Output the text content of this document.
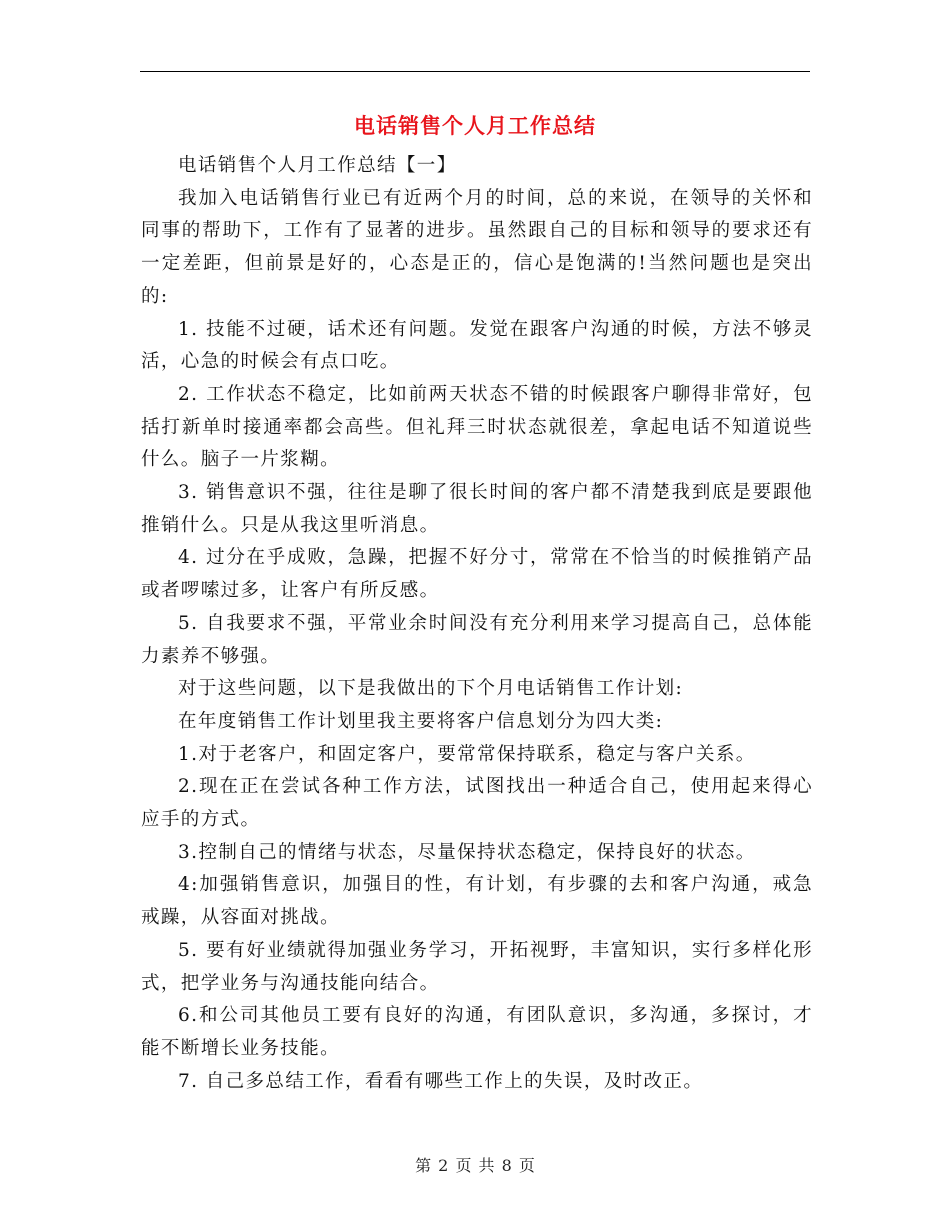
电话销售个人月工作总结

电话销售个人月工作总结【一】

我加入电话销售行业已有近两个月的时间，总的来说，在领导的关怀和同事的帮助下，工作有了显著的进步。虽然跟自己的目标和领导的要求还有一定差距，但前景是好的，心态是正的，信心是饱满的!当然问题也是突出的:

1. 技能不过硬，话术还有问题。发觉在跟客户沟通的时候，方法不够灵活，心急的时候会有点口吃。

2. 工作状态不稳定，比如前两天状态不错的时候跟客户聊得非常好，包括打新单时接通率都会高些。但礼拜三时状态就很差，拿起电话不知道说些什么。脑子一片浆糊。

3. 销售意识不强，往往是聊了很长时间的客户都不清楚我到底是要跟他推销什么。只是从我这里听消息。

4. 过分在乎成败，急躁，把握不好分寸，常常在不恰当的时候推销产品或者啰嗦过多，让客户有所反感。

5. 自我要求不强，平常业余时间没有充分利用来学习提高自己，总体能力素养不够强。

对于这些问题，以下是我做出的下个月电话销售工作计划:

在年度销售工作计划里我主要将客户信息划分为四大类:

1.对于老客户，和固定客户，要常常保持联系，稳定与客户关系。

2.现在正在尝试各种工作方法，试图找出一种适合自己，使用起来得心应手的方式。

3.控制自己的情绪与状态，尽量保持状态稳定，保持良好的状态。

4:加强销售意识，加强目的性，有计划，有步骤的去和客户沟通，戒急戒躁，从容面对挑战。

5. 要有好业绩就得加强业务学习，开拓视野，丰富知识，实行多样化形式，把学业务与沟通技能向结合。

6.和公司其他员工要有良好的沟通，有团队意识，多沟通，多探讨，才能不断增长业务技能。

7. 自己多总结工作，看看有哪些工作上的失误，及时改正。

第 2 页 共 8 页
